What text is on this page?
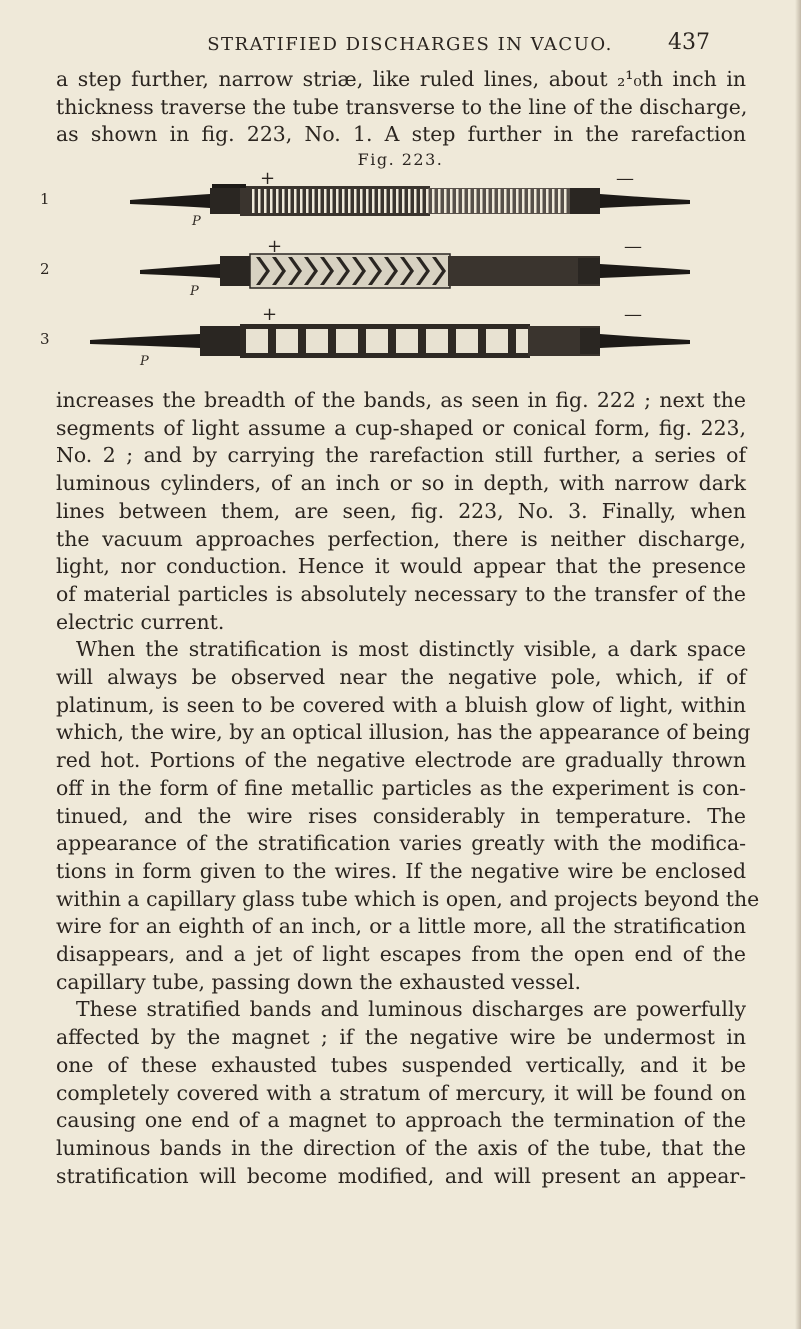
STRATIFIED DISCHARGES IN VACUO.	437
a step further, narrow striæ, like ruled lines, about ₂¹₀th inch in
thickness traverse the tube transverse to the line of the discharge,
as shown in fig. 223, No. 1. A step further in the rarefaction
Fig. 223.
1
+	—
P
2
+	—
P
3
+	—
P
increases the breadth of the bands, as seen in fig. 222 ; next the
segments of light assume a cup-shaped or conical form, fig. 223,
No. 2 ; and by carrying the rarefaction still further, a series of
luminous cylinders, of an inch or so in depth, with narrow dark
lines between them, are seen, fig. 223, No. 3. Finally, when
the vacuum approaches perfection, there is neither discharge,
light, nor conduction. Hence it would appear that the presence
of material particles is absolutely necessary to the transfer of the
electric current.
When the stratification is most distinctly visible, a dark space
will always be observed near the negative pole, which, if of
platinum, is seen to be covered with a bluish glow of light, within
which, the wire, by an optical illusion, has the appearance of being
red hot. Portions of the negative electrode are gradually thrown
off in the form of fine metallic particles as the experiment is con-
tinued, and the wire rises considerably in temperature. The
appearance of the stratification varies greatly with the modifica-
tions in form given to the wires. If the negative wire be enclosed
within a capillary glass tube which is open, and projects beyond the
wire for an eighth of an inch, or a little more, all the stratification
disappears, and a jet of light escapes from the open end of the
capillary tube, passing down the exhausted vessel.
These stratified bands and luminous discharges are powerfully
affected by the magnet ; if the negative wire be undermost in
one of these exhausted tubes suspended vertically, and it be
completely covered with a stratum of mercury, it will be found on
causing one end of a magnet to approach the termination of the
luminous bands in the direction of the axis of the tube, that the
stratification will become modified, and will present an appear-
